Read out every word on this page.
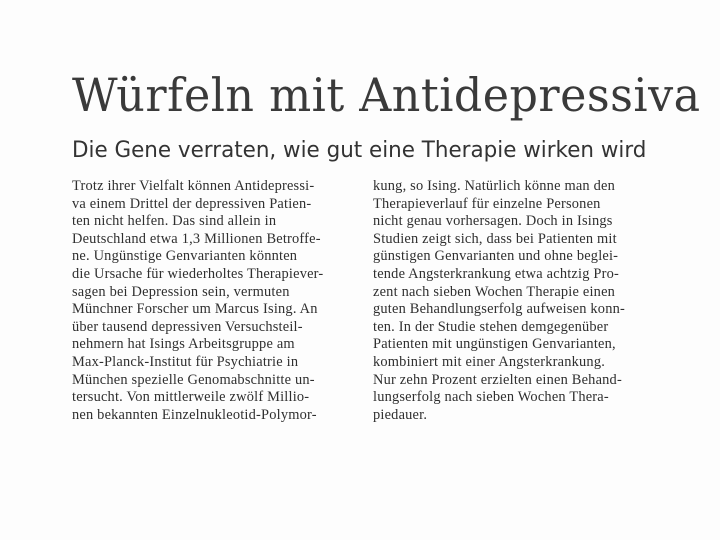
Würfeln mit Antidepressiva
Die Gene verraten, wie gut eine Therapie wirken wird
Trotz ihrer Vielfalt können Antidepressi-
va einem Drittel der depressiven Patien-
ten nicht helfen. Das sind allein in
Deutschland etwa 1,3 Millionen Betroffe-
ne. Ungünstige Genvarianten könnten
die Ursache für wiederholtes Therapiever-
sagen bei Depression sein, vermuten
Münchner Forscher um Marcus Ising. An
über tausend depressiven Versuchsteil-
nehmern hat Isings Arbeitsgruppe am
Max-Planck-Institut für Psychiatrie in
München spezielle Genomabschnitte un-
tersucht. Von mittlerweile zwölf Millio-
nen bekannten Einzelnukleotid-Polymor-
kung, so Ising. Natürlich könne man den
Therapieverlauf für einzelne Personen
nicht genau vorhersagen. Doch in Isings
Studien zeigt sich, dass bei Patienten mit
günstigen Genvarianten und ohne beglei-
tende Angsterkrankung etwa achtzig Pro-
zent nach sieben Wochen Therapie einen
guten Behandlungserfolg aufweisen konn-
ten. In der Studie stehen demgegenüber
Patienten mit ungünstigen Genvarianten,
kombiniert mit einer Angsterkrankung.
Nur zehn Prozent erzielten einen Behand-
lungserfolg nach sieben Wochen Thera-
piedauer.
